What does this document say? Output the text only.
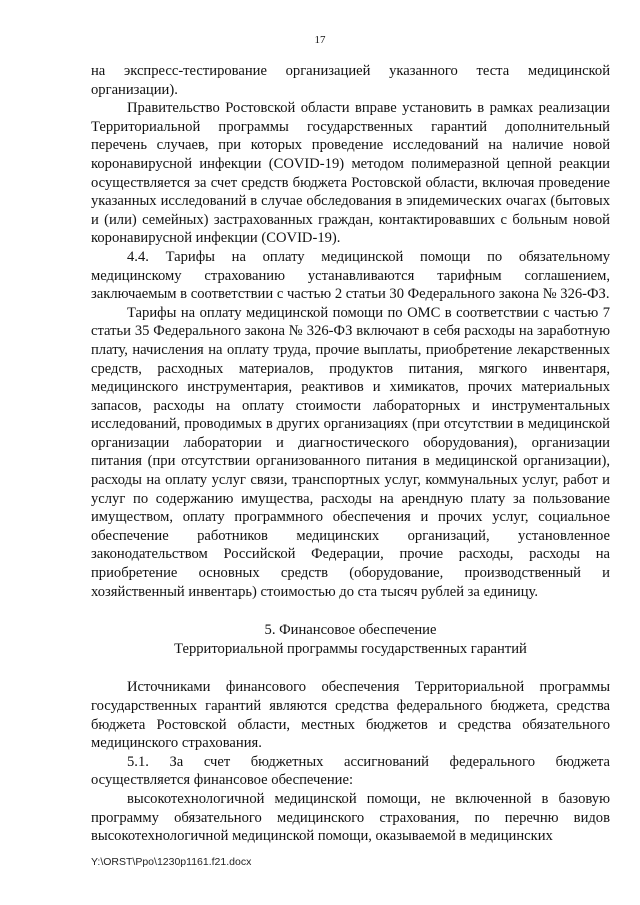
17

на экспресс-тестирование организацией указанного теста медицинской организации).

Правительство Ростовской области вправе установить в рамках реализации Территориальной программы государственных гарантий дополнительный перечень случаев, при которых проведение исследований на наличие новой коронавирусной инфекции (COVID-19) методом полимеразной цепной реакции осуществляется за счет средств бюджета Ростовской области, включая проведение указанных исследований в случае обследования в эпидемических очагах (бытовых и (или) семейных) застрахованных граждан, контактировавших с больным новой коронавирусной инфекции (COVID-19).

4.4. Тарифы на оплату медицинской помощи по обязательному медицинскому страхованию устанавливаются тарифным соглашением, заключаемым в соответствии с частью 2 статьи 30 Федерального закона № 326-ФЗ.

Тарифы на оплату медицинской помощи по ОМС в соответствии с частью 7 статьи 35 Федерального закона № 326-ФЗ включают в себя расходы на заработную плату, начисления на оплату труда, прочие выплаты, приобретение лекарственных средств, расходных материалов, продуктов питания, мягкого инвентаря, медицинского инструментария, реактивов и химикатов, прочих материальных запасов, расходы на оплату стоимости лабораторных и инструментальных исследований, проводимых в других организациях (при отсутствии в медицинской организации лаборатории и диагностического оборудования), организации питания (при отсутствии организованного питания в медицинской организации), расходы на оплату услуг связи, транспортных услуг, коммунальных услуг, работ и услуг по содержанию имущества, расходы на арендную плату за пользование имуществом, оплату программного обеспечения и прочих услуг, социальное обеспечение работников медицинских организаций, установленное законодательством Российской Федерации, прочие расходы, расходы на приобретение основных средств (оборудование, производственный и хозяйственный инвентарь) стоимостью до ста тысяч рублей за единицу.

5. Финансовое обеспечение
Территориальной программы государственных гарантий

Источниками финансового обеспечения Территориальной программы государственных гарантий являются средства федерального бюджета, средства бюджета Ростовской области, местных бюджетов и средства обязательного медицинского страхования.

5.1. За счет бюджетных ассигнований федерального бюджета осуществляется финансовое обеспечение:

высокотехнологичной медицинской помощи, не включенной в базовую программу обязательного медицинского страхования, по перечню видов высокотехнологичной медицинской помощи, оказываемой в медицинских

Y:\ORST\Ppo\1230p1161.f21.docx
